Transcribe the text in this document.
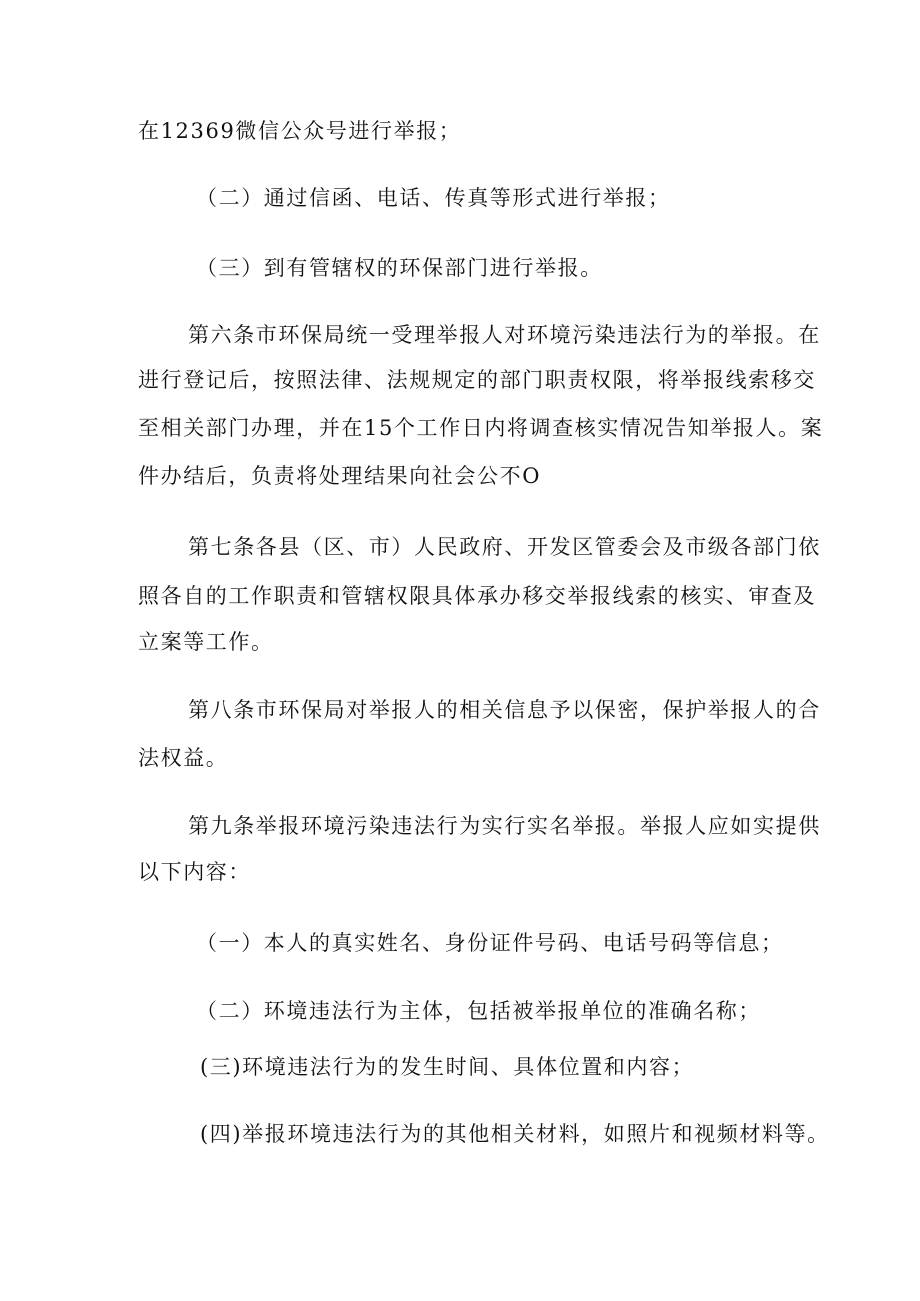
在12369微信公众号进行举报；
（二）通过信函、电话、传真等形式进行举报；
（三）到有管辖权的环保部门进行举报。
第六条市环保局统一受理举报人对环境污染违法行为的举报。在
进行登记后，按照法律、法规规定的部门职责权限，将举报线索移交
至相关部门办理，并在15个工作日内将调查核实情况告知举报人。案
件办结后，负责将处理结果向社会公不O
第七条各县（区、市）人民政府、开发区管委会及市级各部门依
照各自的工作职责和管辖权限具体承办移交举报线索的核实、审查及
立案等工作。
第八条市环保局对举报人的相关信息予以保密，保护举报人的合
法权益。
第九条举报环境污染违法行为实行实名举报。举报人应如实提供
以下内容：
（一）本人的真实姓名、身份证件号码、电话号码等信息；
（二）环境违法行为主体，包括被举报单位的准确名称；
(三)环境违法行为的发生时间、具体位置和内容；
(四)举报环境违法行为的其他相关材料，如照片和视频材料等。
